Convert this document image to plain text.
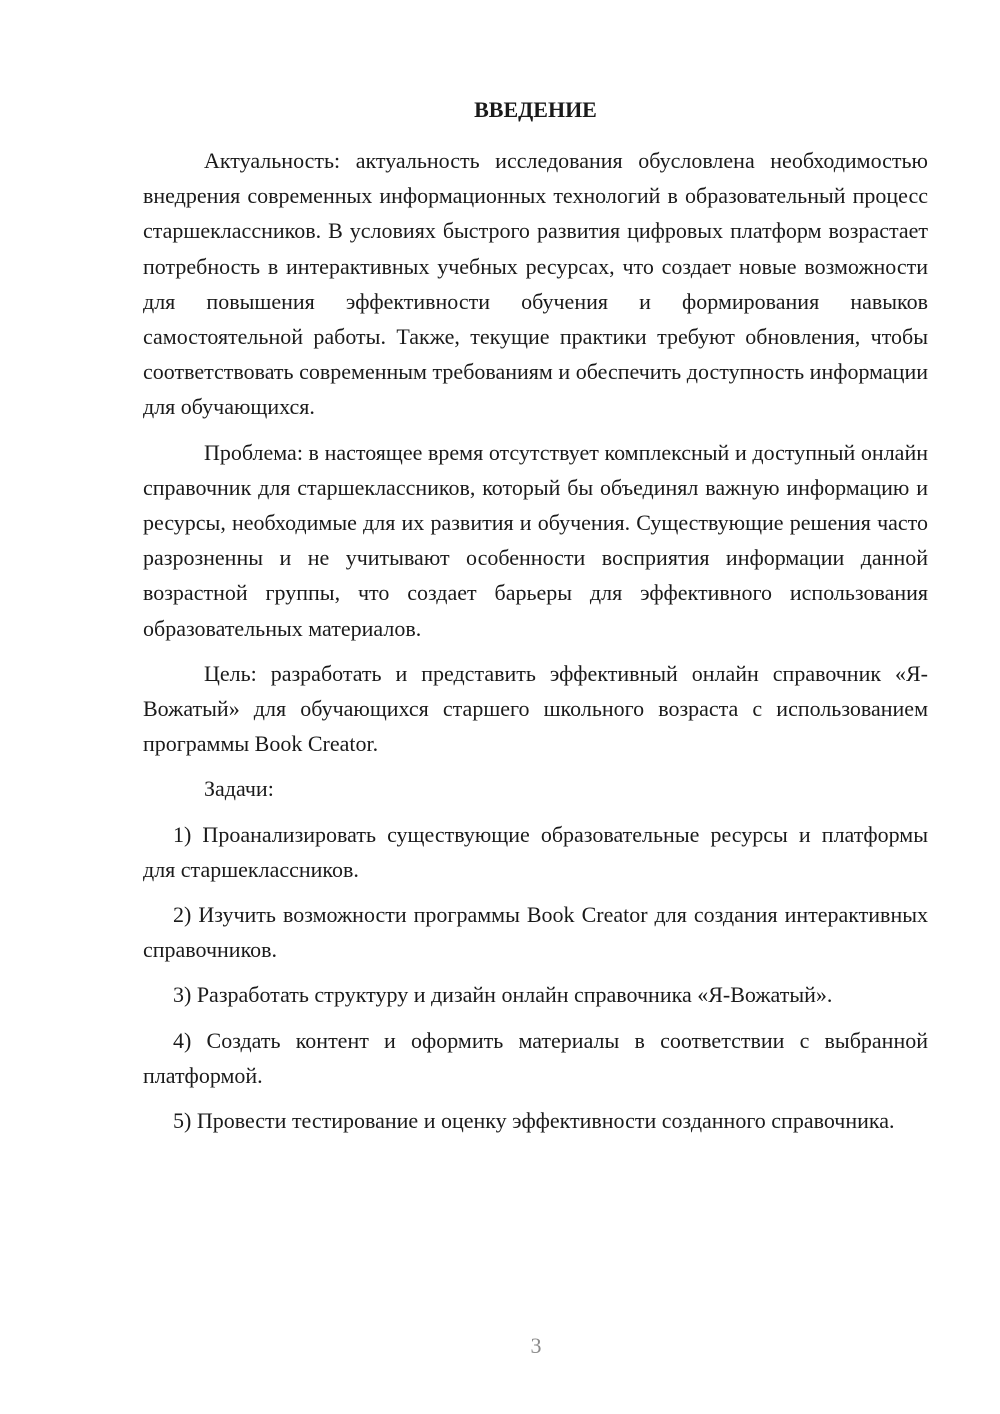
ВВЕДЕНИЕ

Актуальность: актуальность исследования обусловлена необходимостью внедрения современных информационных технологий в образовательный процесс старшеклассников. В условиях быстрого развития цифровых платформ возрастает потребность в интерактивных учебных ресурсах, что создает новые возможности для повышения эффективности обучения и формирования навыков самостоятельной работы. Также, текущие практики требуют обновления, чтобы соответствовать современным требованиям и обеспечить доступность информации для обучающихся.

Проблема: в настоящее время отсутствует комплексный и доступный онлайн справочник для старшеклассников, который бы объединял важную информацию и ресурсы, необходимые для их развития и обучения. Существующие решения часто разрозненны и не учитывают особенности восприятия информации данной возрастной группы, что создает барьеры для эффективного использования образовательных материалов.

Цель: разработать и представить эффективный онлайн справочник «Я-Вожатый» для обучающихся старшего школьного возраста с использованием программы Book Creator.

Задачи:

1) Проанализировать существующие образовательные ресурсы и платформы для старшеклассников.

2) Изучить возможности программы Book Creator для создания интерактивных справочников.

3) Разработать структуру и дизайн онлайн справочника «Я-Вожатый».

4) Создать контент и оформить материалы в соответствии с выбранной платформой.

5) Провести тестирование и оценку эффективности созданного справочника.

3
